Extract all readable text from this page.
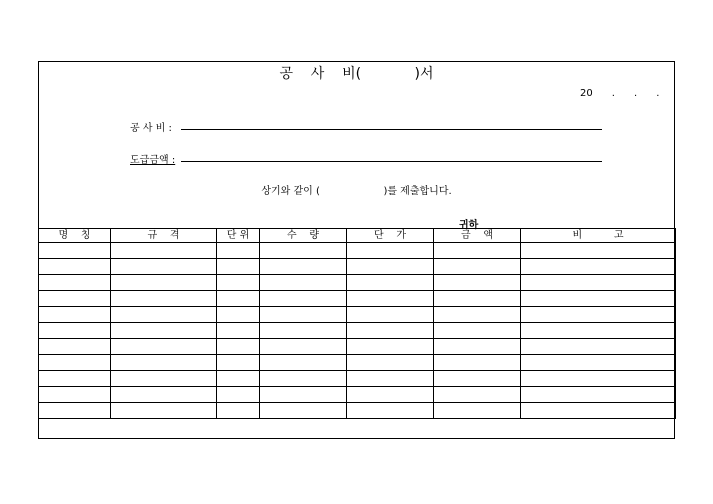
공    사    비(            )서
20      .      .      .
공 사 비 :
도급금액 :
상기와 같이 (                    )를 제출합니다.
귀하
명    칭	규    격	단 위	수    량	단    가	금    액	비          고
